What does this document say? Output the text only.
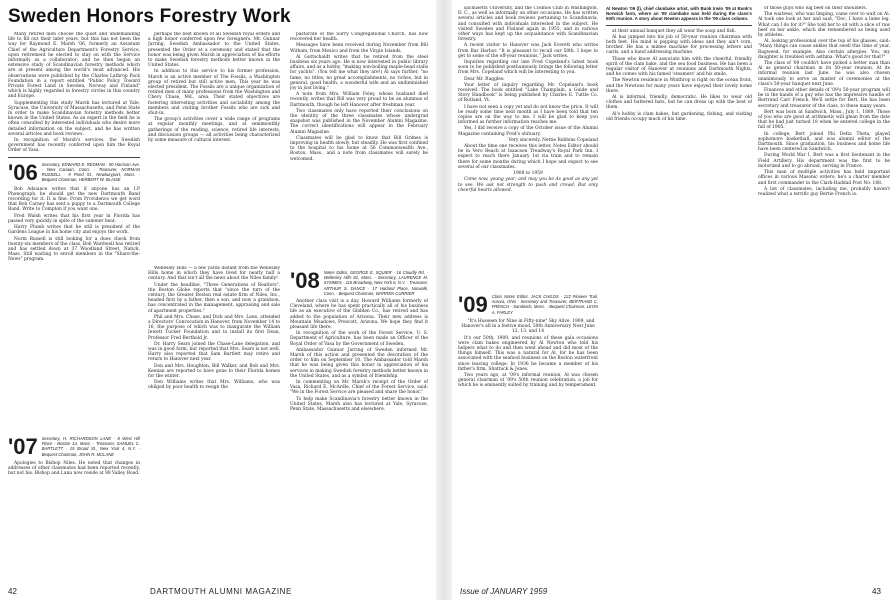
Sweden Honors Forestry Work

Many retired men choose the quiet and undemanding life to fill out their later years, but this has not been the way for Raymond E. Marsh '06, formerly an Assistant Chief of the Agriculture Department's Forestry Service, upon retirement he elected to stay on with the Service informally as a collaborator; and he then began an extensive study of Scandinavian forestry methods which are at present among the world's most advanced. His observations were published by the Charles Lathrop Pack Foundation in a report entitled "Public Policy Toward Private Forest Land in Sweden, Norway and Finland" which is highly regarded in forestry circles in this country and Europe.

Supplementing this study Marsh has lectured at Yale, Syracuse, the University of Massachusetts, and Penn State in order to make Scandinavian forestry methods better known in the United States. As an expert in the field he is often consulted by interested individuals who desire more detailed information on the subject, and he has written several articles and book reviews.

In recognition of Marsh's services, the Swedish government has recently conferred upon him the Royal Order of Vasa.

'06 Secretary, EDWARD E. REDMAN · 50 Harrison Ave. · New Canaan, Conn. · Treasurer, NORMAN RUSSELL · 9 Pond St., Newburyport, Mass. · Bequest Chairman, HERBERT W. BLAISE

Bob Adsiance writes that if anyone has an I.P Phonograph, he should get the new Dartmouth Band recording for it. It is fine. From Providence we get word that Bob Carney has sent a puppy to a Dartmouth College Band. Write to Compton if you want one.

Fred Walsh writes that his first year in Florida has passed very quickly in spite of the summer heat.

Harry Plumb writes that he still is president of the Gardens League in his home city and enjoys the work.

Norm Russell is still looking for a dues check from twenty-six members of the class. Bob Wardwell has retired and has settled down at 37 Woodland Street, Natick, Mass. Still waiting to enroll members in the "Share-the-News" program.

'07 Secretary, H. RICHARDSON LANE · 8 West Hill Place · Boston 14, Mass. · Treasurer, SAMUEL C. BARTLETT · 15 Broad St., New York 4, N.Y. · Bequest Chairman, JOHN R. MCLANE

Apologies to Bishop Niles. He noted that changes in addresses of other classmates had been reported recently, but not his. Bishop and Lanu now reside at 88 Valley Road.

perhaps the best known of all Swedish royal orders and a high honor conferred upon few foreigners. Mr. Gunnar Jarring, Swedish Ambassador to the United States, presented the Order at a ceremony and stated that the honor was being given Marsh in appreciation of his efforts to make Swedish forestry methods better known in the United States.

In addition to this service to his former profession, Marsh is an active member of The Fossils, a Washington group of retired but still active men. This year he was elected president. The Fossils are a unique organization of retired men of many professions from the Washington and Chevy Chase, Md., area. Their stated objectives are fostering interesting activities and sociability among the members and visiting brother Fossils who are sick and shut-in.

The group's activities cover a wide range of programs at regular monthly meetings, and at semimonthly gatherings of the reading, science, retired life interests, and discussion groups — all activities being characterized by some measure of cultural interest.

Wellesley Hills — a few yards distant from the Wellesley Hills home in which they have lived for nearly half a century. And that isn't all the news about the Niles family!

Under the headline, "Three Generations of Realtors", the Boston Globe reports that "since the turn of the century, the Greater Boston real estate firm of Niles, Inc., headed first by a father, then a son, and now a grandson, has concentrated in the management, appraising and sale of apartment properties."

Phil and Mrs. Chase, and Dick and Mrs. Lane, attended a Directors' Convocation in Hanover, from November 14 to 16, the purpose of which was to inaugurate the William Jewett Tucker Foundation and to install its first Dean, Professor Fred Berthold Jr.

Dr. Harry Sears joined the Chase-Lane delegation, and was in good form, but reported that Mrs. Sears is not well. Harry also reported that Sam Bartlett may retire and return to Hanover next year.

Don and Mrs. Houghton, Bill Walker, and Bob and Mrs. Keenan are reported to have gone to their Florida homes for the winter.

Don Williams writes that Mrs. Williams, who was obliged by poor health to resign the

pastorate of the Surry Congregational Church, has now recovered her health.

Messages have been received during November from Bill Witham, from Mexico and from the Virgin Islands.

Al Gottschaldt writes that he retired from the steel business six years ago. He is now interested in public library affairs, and as a hobby, "making non-boiling maple-bead stalls for yachts". (You tell me what they are!) Al says further, "no fame, no titles, no great accomplishments, no riches, but in general, good health, a wonderful wife and an undiminished joy in just living."

A note from Mrs. William Foley, whose husband died recently, writes that Bill was very proud to be an alumnus of Dartmouth, though he left Hanover after freshman year.

Two classmates only have reported their conclusions on the identity of the three classmates whose undergrad snapshot was published in the November Alumni Magazine. The correct identifications will appear in the February Alumni Magazine.

Classmates will be glad to know that Bill Grimes is improving in health slowly, but steadily. He was first confined to the hospital to his home at 56 Commonwealth Ave., Boston, Mass., and a note from classmates will surely be welcomed.

'08 Notes Editor, GEORGE E. SQUIER · 16 Cloudly Rd. · Wellesley Hills 81, Mass. · Secretary, LAURENCE M. SYMMES · 115 Broadway, New York 6, N.Y. · Treasurer, ARTHUR S. DANCE · 17 Harland Place, Norwalk, Conn. · Bequest Chairman, WARREN CURRIER

Another class visit is a day. Howard Williams formerly of Cleveland, where he has spent practically all of his business life as an executive of the Glidden Co., has retired and has added to the population of Arizona. Their new address is Mountain Meadows, Prescott, Arizona. We hope they find it pleasant life there.

In recognition of the work of the Forest Service, U. S. Department of Agriculture, has been made an Officer of the Royal Order of Vasa by the Government of Sweden.

Ambassador Gunnar Jarring of Sweden informed Mr. Marsh of this action and presented the decoration of the order to him on September 10. The Ambassador told Marsh that he was being given this honor in appreciation of his services in making Swedish forestry methods better known in the United States, and as a symbol of friendship.

In commenting on Mr. Marsh's receipt of the Order of Vasa, Richard E. McArdle, Chief of the Forest Service, said: "We in the Forest Service are pleased and share the honor."

To help make Scandinavia's forestry better known in the United States, Marsh also has lectured at Yale, Syracuse, Penn State, Massachusetts and elsewhere.

42	DARTMOUTH ALUMNI MAGAZINE

sachusetts University, and the Cosmos Club in Washington, D. C., as well as informally on other occasions. He has written several articles and book reviews pertaining to Scandinavia, and consulted with individuals interested in the subject. He visited Sweden and Finland again in 1955, and in various other ways has kept up the acquaintance with Scandinavian forestry.

A recent visitor to Hanover was Jack Everett who writes from Bar Harbor. "It is pleasant to recall our 50th. I hope to get to some of the off-year reunions," Jack writes.

Inquiries regarding our late Fred Copeland's latest book soon to be published posthumously brings the following letter from Mrs. Copeland which will be interesting to you.

Dear Mr. Ruggles:

Your letter of inquiry regarding Mr. Copeland's book received. The book entitled "Lake Champlain, a Guide and Story Handbook" is being published by Charles E. Tuttle Co. of Rutland, Vt.

I have not seen a copy yet and do not know the price. It will be ready some time next month as I have been told that ten copies are on the way to me. I will be glad to keep you informed as further information reaches me.

Yes, I did receive a copy of the October issue of the Alumni Magazine containing Fred's obituary.

Very sincerely, Nettie Robbins Copeland

About the time one receives this letter, Notes Editor should be in Vero Beach at Isaacson Treadway's Royal Park Inn. I expect to reach there January 1st via train and to remain there for some months during which I hope and expect to see several of our classmates.

1908 to 1959

Come now, young year; and may you be As good as any yet to see. We ask not strength to push and crowd, But only cheerful hearts allowed.

'09 Class Notes Editor, JACK CHILDS · 122 Pioneer Trail, Aurora, Ohio · Secretary and Treasurer, BERTRAND C. FRENCH · Sandwich, Mass. · Bequest Chairman, LEON A. FARLEY

"It's Husseen for Nine in Fifty-nine" Sky Alive, 1909, and Hanover's all in a festive mood, 50th Anniversary Next June 12, 13, and 14

It's our 50th, 1909, and reunions of these gala occasions were clam bakes engineered by Al Newton who told his helpers what to do and then went ahead and did most of the things himself. This was a natural for Al, for he has been associated with the seafood business on the Boston waterfront since leaving college. In 1936 he became a member of his father's firm, Shattuck & Jones.

Two years ago, at '09's informal reunion, Al was chosen general chairman of '09's 50th reunion celebration, a job for which he is eminently suited by training and by temperament.

Al Newton '09 (l), chief clambake artist, with Bunk Irwin '09 at Bunk's Norwich farm, where an '09 clambake was held during the class's 50th reunion. A story about Newton appears in the '09 class column.

at their annual banquet they all wear the soup and fish.

Al has jumped into his job of 50-year reunion chairman with both feet. His mind is popping with ideas and they ain't corn, brother. He has a mimeo machine for processing letters and cards, and a hand addressing machine.

Those who know Al associate him with the cheerful, friendly spirit of the clam bake, and the sea food business. He has been a regular visitor of Hanover at reunions and Dartmouth Nights, and he comes with his famed 'steamers' and his smile.

The Newton residence in Winthrop is right on the ocean front, and the Newtons for many years have enjoyed their lovely home there.

Al is informal, friendly, democratic. He likes to wear old clothes and battered hats, but he can dress up with the best of them.

Al's hobby is clam bakes, but gardening, fishing, and visiting old friends occupy much of his time.

of those guys who lug beef on their shoulders.

The waitress, who was limping, came over to wait on Al. Al took one look at her and said, "Doc, I have a lame leg. What can I do for it?" She told her to sit with a slice of raw beef on her ankle, which she remembered as being used by athletes.

Al, looking professional over the top of his glasses, said: "Many things can cause ankles that swell this time of year. Ragweed, for example. Also certain allergies. You, my daughter is troubled with asthma. What's good for that?"

The class of '09 couldn't have picked a better man than Al as general chairman in its 50-year reunion. At its informal reunion last June, he was also chosen unanimously to serve as master of ceremonies at the class's 50-year banquet next June.

Finances and other details of '09's 50-year program will be in the hands of a guy who has the impressive handle of Bertrand Carr French. We'll settle for Bert. He has been secretary and treasurer of the class, to these many years.

Bert was born at Sandwich, Mass., July 1, 1889. Those of you who are good at arithmetic will glean from the date that he had just turned 18 when he entered college in the fall of 1905.

In college, Bert joined Phi Delta Theta, played sophomore basketball, and was alumni editor of the Dartmouth. Since graduation, his business and home life have been centered in Sandwich.

During World War I, Bert was a first lieutenant in the Field Artillery. His department was the first to be motorized and to go abroad, serving in France.

This man of multiple activities has held important offices in various Masonic orders; he's a charter member and first commander in the Clark-Haddad Post No. 188.

A list of classmates, including me, probably haven't realized what a terrific guy Bertie French is.

Issue of JANUARY 1959	43
